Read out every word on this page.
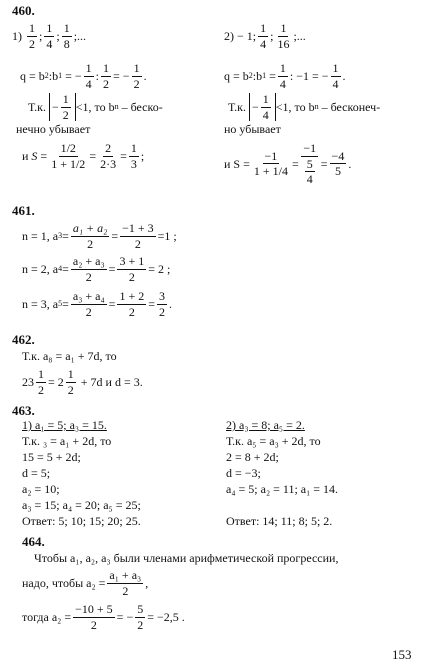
460.
1)

1
2
;
1
4
;
1
8
;...
q = b 2 :b 1
= − $\frac{1}{4}$ : $\frac{1}{2}$ = − $\frac{1}{2}$ .
Т.к.
−
1
2
<1, то b n
– беско-
нечно убывает
и
S =
1/2
1 + 1/2
=
2
2·3
=
1
3
;
2)
− 1;
1
4
;
1
16
;...
q = b 2 :b 1
= $\frac{1}{4}$ : −1 = − $\frac{1}{4}$ .
Т.к.
−
1
4
<1, то b n
– бесконеч-
но убывает
и $S = \frac{-1}{1 + 1/4}$ =
−1
$\frac{5}{4}$ =
−4
5
.
461.
n = 1, a $3 = \frac{\text{a₁ + a₂}}{2} = \frac{-1 + 3}{2} =1$ ;
n = 2, a $4 = \frac{\text{a₂ + a₃}}{2} = \frac{3 + 1}{2} = 2$ ;
n = 3, a $5 = \frac{\text{a₃ + a₄}}{2}$ =
1 + 2
2
=
3
2
.
462.
Т.к. a₈ = a₁ + 7d, то
23
1
2
= 2
1
2

+ 7d и d = 3.
463.
1) a₁ = 5; a₃ = 15.
Т.к. ₃ = a₁ + 2d, то
15 = 5 + 2d;
d = 5;
a₂ = 10;
a₃ = 15; a₄ = 20; a₅ = 25;
Ответ: 5; 10; 15; 20; 25.
2) a₃ = 8; a₅ = 2.
Т.к. a₅ = a₃ + 2d, то
2 = 8 + 2d;
d = −3;
a₄ = 5; a₂ = 11; a₁ = 14.
Ответ: 14; 11; 8; 5; 2.
464.
Чтобы a₁, a₂, a₃ были членами арифметической прогрессии,
надо, чтобы $a_2 = \frac{\text{a₁ + a₃}}{2}$ ,
тогда $a_2 = \frac{-10 + 5}{2}$ = − $\frac{5}{2} = -2,5$ .
153
